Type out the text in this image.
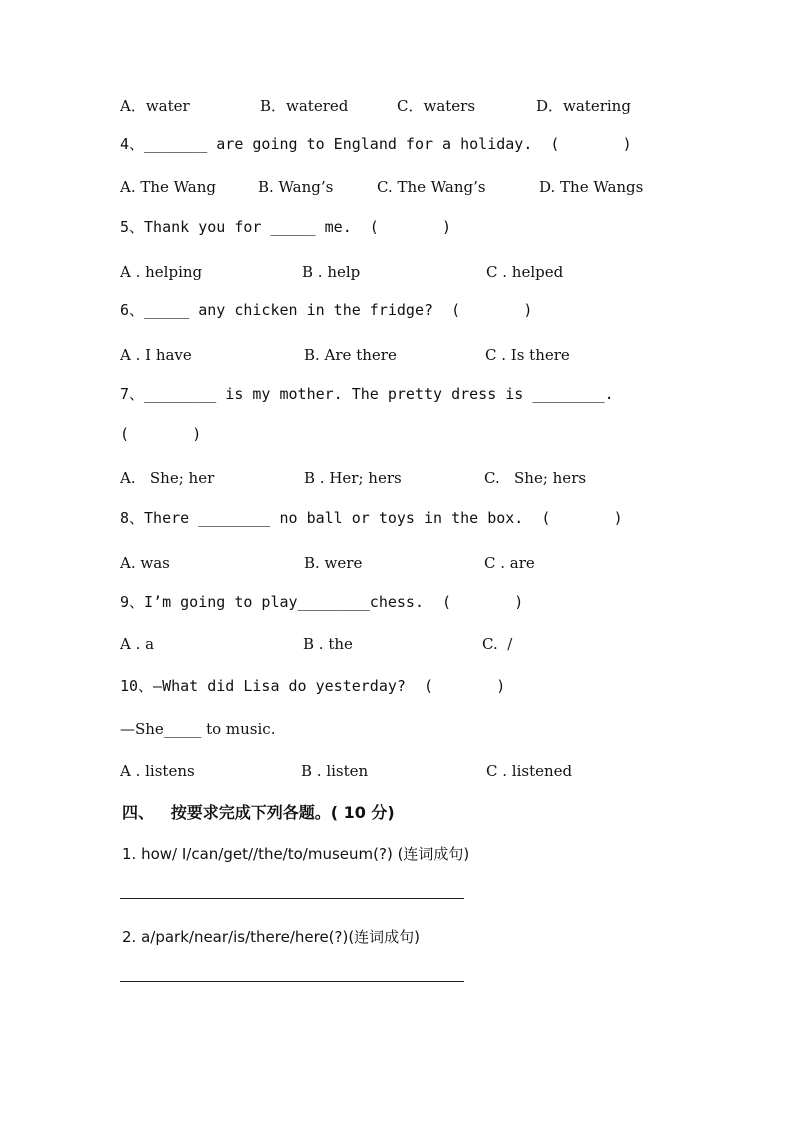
A．water	B．watered	C．waters	D．watering
4、_______ are going to England for a holiday.  (       )
A. The Wang	B. Wang’s	C. The Wang’s	D. The Wangs
5、Thank you for _____ me.  (       )
A . helping	B . help	C . helped
6、_____ any chicken in the fridge?  (       )
A . I have	B. Are there	C . Is there
7、________ is my mother. The pretty dress is ________.
(       )
A.   She; her	B . Her; hers	C.   She; hers
8、There ________ no ball or toys in the box.  (       )
A. was	B. were	C . are
9、I’m going to play________chess.  (       )
A . a	B . the	C.  /
10、—What did Lisa do yesterday?  (       )
—She_____ to music.
A . listens	B . listen	C . listened
四、   按要求完成下列各题。( 10 分)
1. how/ I/can/get//the/to/museum(?) (连词成句)
2. a/park/near/is/there/here(?)(连词成句)
